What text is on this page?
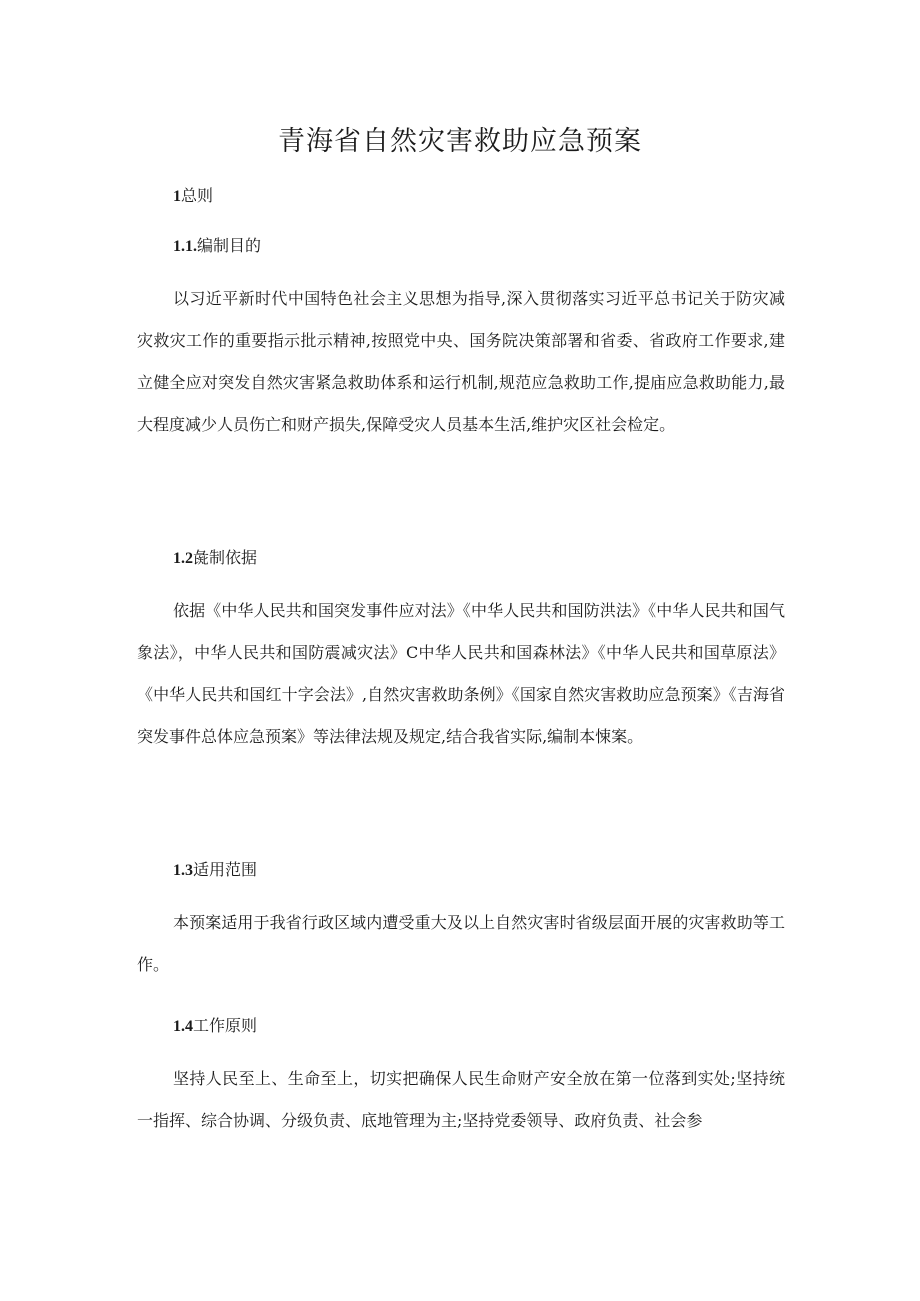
青海省自然灾害救助应急预案
1总则
1.1.编制目的
以习近平新时代中国特色社会主义思想为指导,深入贯彻落实习近平总书记关于防灾减灾救灾工作的重要指示批示精神,按照党中央、国务院决策部署和省委、省政府工作要求,建立健全应对突发自然灾害紧急救助体系和运行机制,规范应急救助工作,提庙应急救助能力,最大程度减少人员伤亡和财产损失,保障受灾人员基本生活,维护灾区社会检定。
1.2彘制依据
依据《中华人民共和国突发事件应对法》《中华人民共和国防洪法》《中华人民共和国气象法》，中华人民共和国防震减灾法》C中华人民共和国森林法》《中华人民共和国草原法》《中华人民共和国红十字会法》,自然灾害救助条例》《国家自然灾害救助应急预案》《吉海省突发事件总体应急预案》等法律法规及规定,结合我省实际,编制本悚案。
1.3适用范围
本预案适用于我省行政区域内遭受重大及以上自然灾害时省级层面开展的灾害救助等工作。
1.4工作原则
坚持人民至上、生命至上，切实把确保人民生命财产安全放在第一位落到实处;坚持统一指挥、综合协调、分级负责、底地管理为主;坚持党委领导、政府负责、社会参
